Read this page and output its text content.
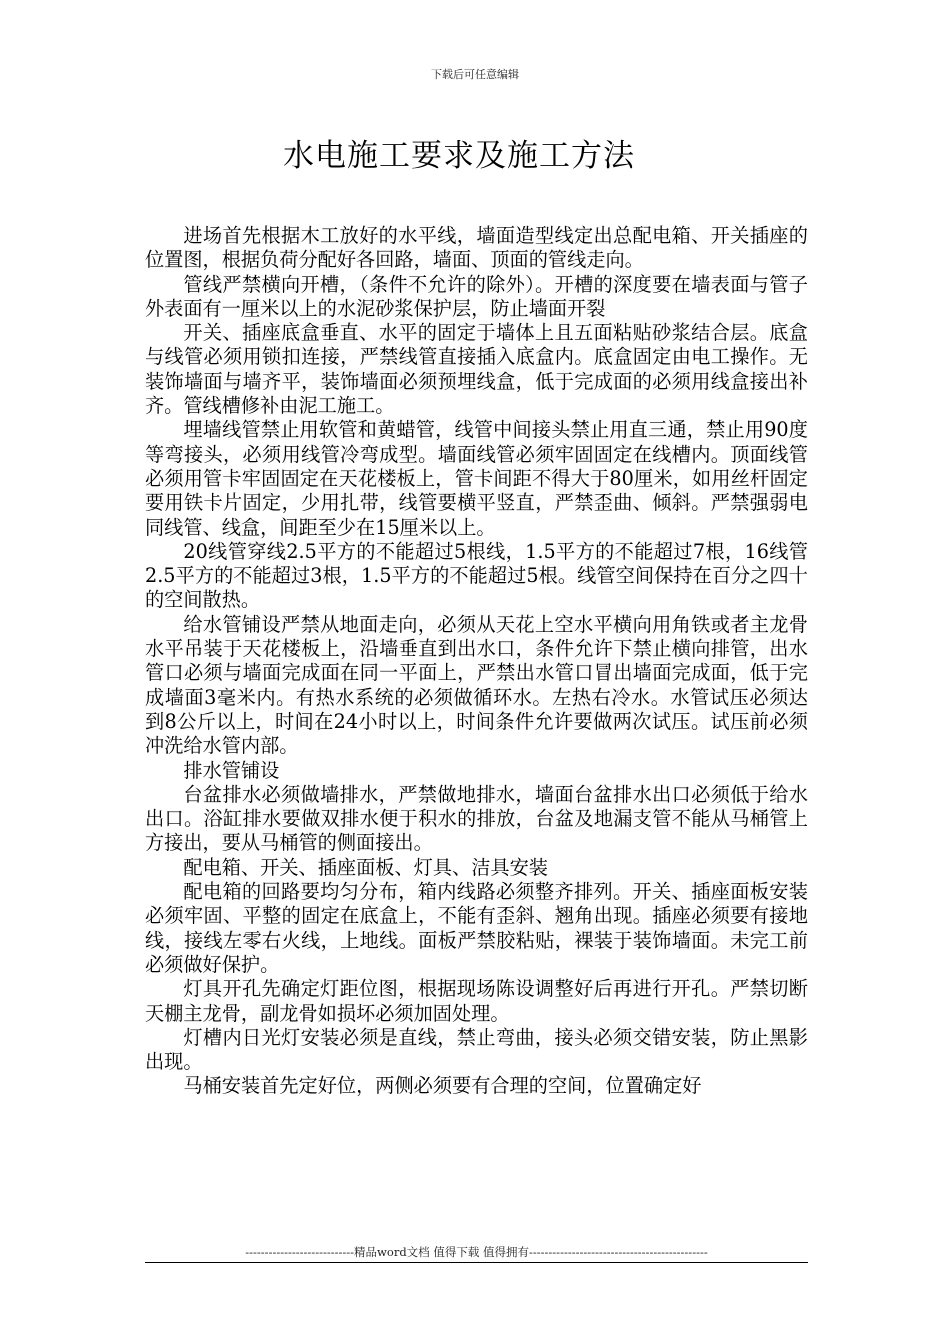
下载后可任意编辑
水电施工要求及施工方法

进场首先根据木工放好的水平线，墙面造型线定出总配电箱、开关插座的位置图，根据负荷分配好各回路，墙面、顶面的管线走向。

管线严禁横向开槽，（条件不允许的除外）。开槽的深度要在墙表面与管子外表面有一厘米以上的水泥砂浆保护层，防止墙面开裂

开关、插座底盒垂直、水平的固定于墙体上且五面粘贴砂浆结合层。底盒与线管必须用锁扣连接，严禁线管直接插入底盒内。底盒固定由电工操作。无装饰墙面与墙齐平，装饰墙面必须预埋线盒，低于完成面的必须用线盒接出补齐。管线槽修补由泥工施工。

埋墙线管禁止用软管和黄蜡管，线管中间接头禁止用直三通，禁止用90度等弯接头，必须用线管冷弯成型。墙面线管必须牢固固定在线槽内。顶面线管必须用管卡牢固固定在天花楼板上，管卡间距不得大于80厘米，如用丝杆固定要用铁卡片固定，少用扎带，线管要横平竖直，严禁歪曲、倾斜。严禁强弱电同线管、线盒，间距至少在15厘米以上。

20线管穿线2.5平方的不能超过5根线，1.5平方的不能超过7根，16线管2.5平方的不能超过3根，1.5平方的不能超过5根。线管空间保持在百分之四十的空间散热。

给水管铺设严禁从地面走向，必须从天花上空水平横向用角铁或者主龙骨水平吊装于天花楼板上，沿墙垂直到出水口，条件允许下禁止横向排管，出水管口必须与墙面完成面在同一平面上，严禁出水管口冒出墙面完成面，低于完成墙面3毫米内。有热水系统的必须做循环水。左热右冷水。水管试压必须达到8公斤以上，时间在24小时以上，时间条件允许要做两次试压。试压前必须冲洗给水管内部。

排水管铺设

台盆排水必须做墙排水，严禁做地排水，墙面台盆排水出口必须低于给水出口。浴缸排水要做双排水便于积水的排放，台盆及地漏支管不能从马桶管上方接出，要从马桶管的侧面接出。

配电箱、开关、插座面板、灯具、洁具安装

配电箱的回路要均匀分布，箱内线路必须整齐排列。开关、插座面板安装必须牢固、平整的固定在底盒上，不能有歪斜、翘角出现。插座必须要有接地线，接线左零右火线，上地线。面板严禁胶粘贴，裸装于装饰墙面。未完工前必须做好保护。

灯具开孔先确定灯距位图，根据现场陈设调整好后再进行开孔。严禁切断天棚主龙骨，副龙骨如损坏必须加固处理。

灯槽内日光灯安装必须是直线，禁止弯曲，接头必须交错安装，防止黑影出现。

马桶安装首先定好位，两侧必须要有合理的空间，位置确定好

----------------------------精品word文档 值得下载 值得拥有----------------------------------------------
